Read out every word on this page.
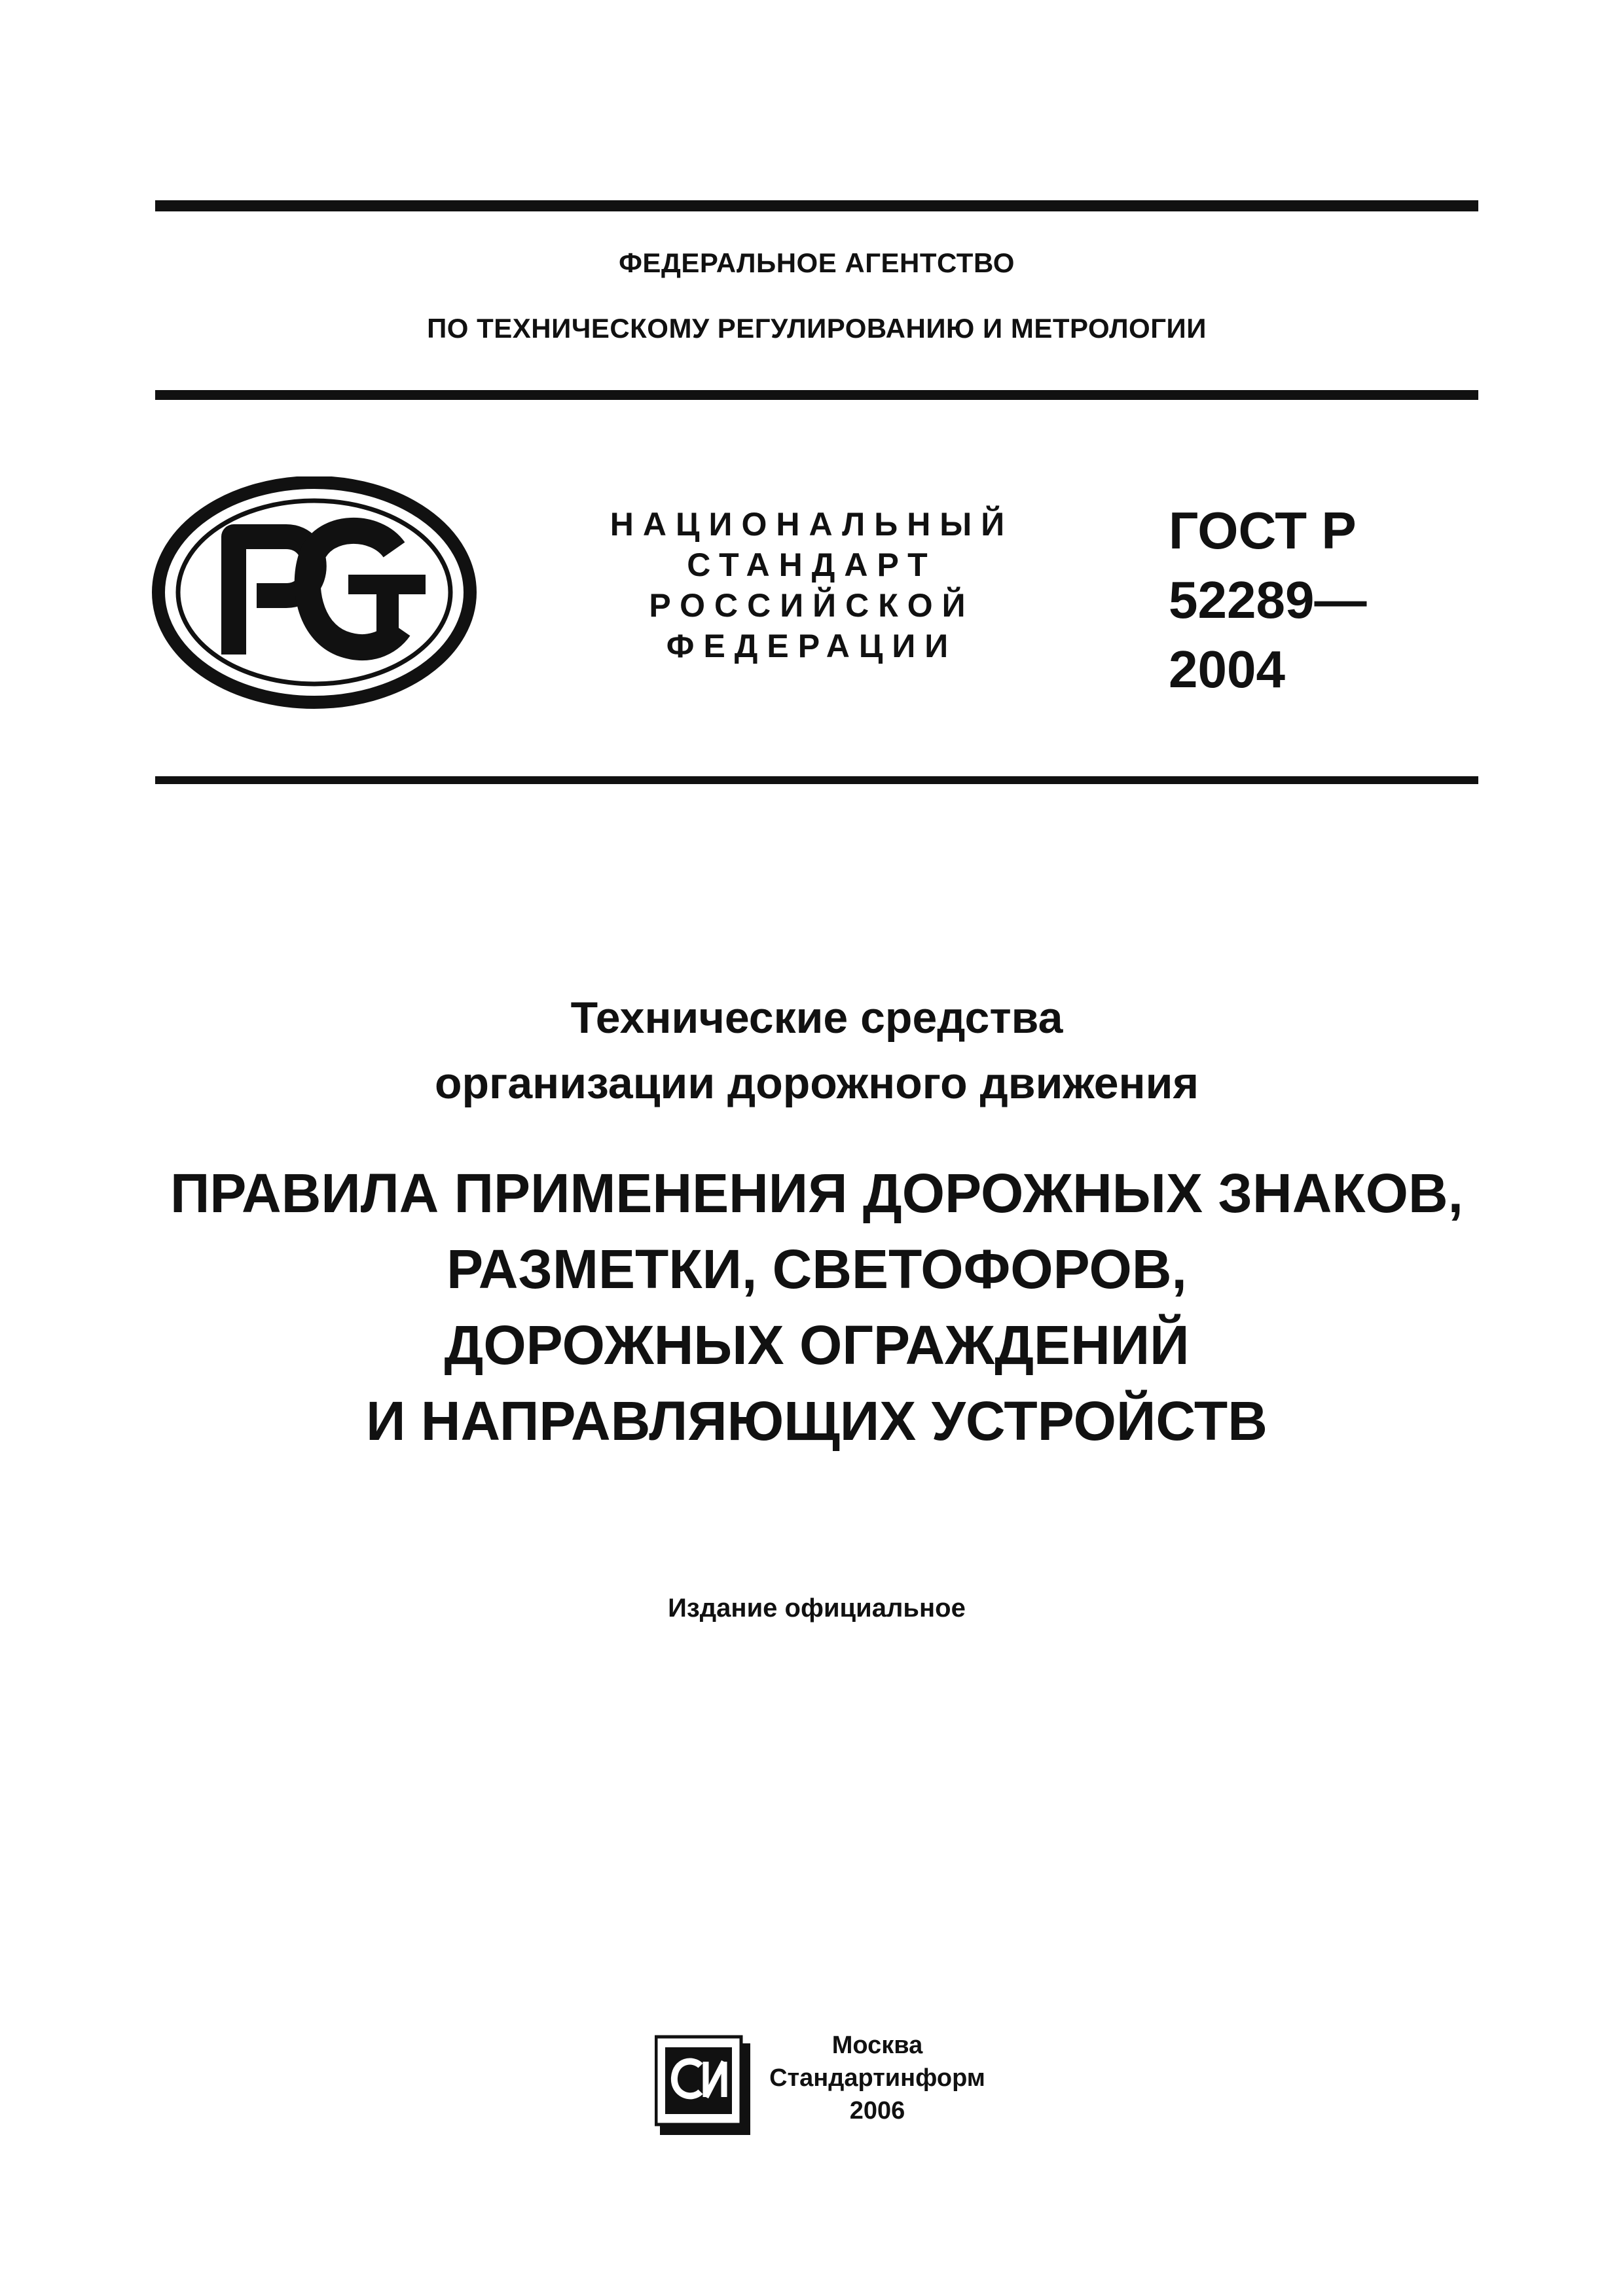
ФЕДЕРАЛЬНОЕ АГЕНТСТВО
ПО ТЕХНИЧЕСКОМУ РЕГУЛИРОВАНИЮ И МЕТРОЛОГИИ
НАЦИОНАЛЬНЫЙ
СТАНДАРТ
РОССИЙСКОЙ
ФЕДЕРАЦИИ
ГОСТ Р
52289—
2004
Технические средства
организации дорожного движения
ПРАВИЛА ПРИМЕНЕНИЯ ДОРОЖНЫХ ЗНАКОВ,
РАЗМЕТКИ, СВЕТОФОРОВ,
ДОРОЖНЫХ ОГРАЖДЕНИЙ
И НАПРАВЛЯЮЩИХ УСТРОЙСТВ
Издание официальное
Москва
Стандартинформ
2006
